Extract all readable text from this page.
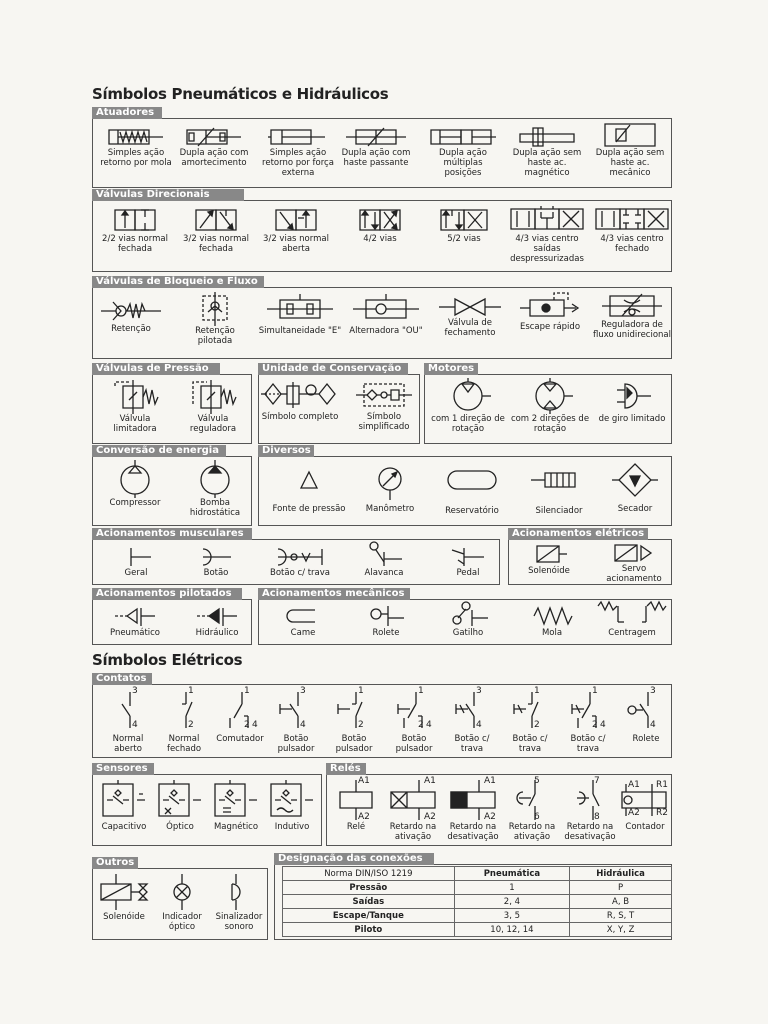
Símbolos Pneumáticos e Hidráulicos
Atuadores
Simples ação retorno por mola
Dupla ação com amortecimento
Simples ação retorno por força externa
Dupla ação com haste passante
Dupla ação múltiplas posições
Dupla ação sem haste ac. magnético
Dupla ação sem haste ac. mecânico
Válvulas Direcionais
2/2 vias normal fechada
3/2 vias normal fechada
3/2 vias normal aberta
4/2 vias	5/2 vias	4/3 vias centro saídas despressurizadas
4/3 vias centro fechado
Válvulas de Bloqueio e Fluxo
Retenção	Retenção pilotada
Simultaneidade "E" Alternadora "OU"
Válvula de fechamento
Escape rápido	Reguladora de fluxo unidirecional
Válvulas de Pressão
Válvula limitadora
Válvula reguladora
Unidade de Conservação
Símbolo completo	Símbolo simplificado
Motores
com 1 direção de rotação
com 2 direções de rotação
de giro limitado
Conversão de energia
Compressor	Bomba hidrostática
Diversos
Fonte de pressão	Manômetro	Reservatório	Silenciador	Secador
Acionamentos musculares
Geral	Botão	Botão c/ trava	Alavanca	Pedal
Acionamentos elétricos
Solenóide	Servo acionamento
Acionamentos pilotados
Pneumático	Hidráulico
Acionamentos mecânicos
Came	Rolete	Gatilho	Mola	Centragem
Símbolos Elétricos
Contatos
3
4
Normal aberto
1
2
Normal fechado
1
2 4
Comutador
3
4
Botão pulsador
1
2
Botão pulsador
1
2 4
Botão pulsador
3
4
Botão c/ trava
1
2
Botão c/ trava
1
2 4
Botão c/ trava
3
4
Rolete
Sensores
Capacitivo	Óptico	Magnético	Indutivo
Relés
A1
A2
Relé
A1
A2
Retardo na ativação
A1
A2
Retardo na desativação
5
6
Retardo na ativação
7
8
Retardo na desativação
A1 R1
A2 R2
Contador
Outros
Solenóide	Indicador óptico
Sinalizador sonoro
Designação das conexões
Norma DIN/ISO 1219	Pneumática	Hidráulica
Pressão	1	P
Saídas	2, 4	A, B
Escape/Tanque	3, 5	R, S, T
Piloto	10, 12, 14	X, Y, Z
